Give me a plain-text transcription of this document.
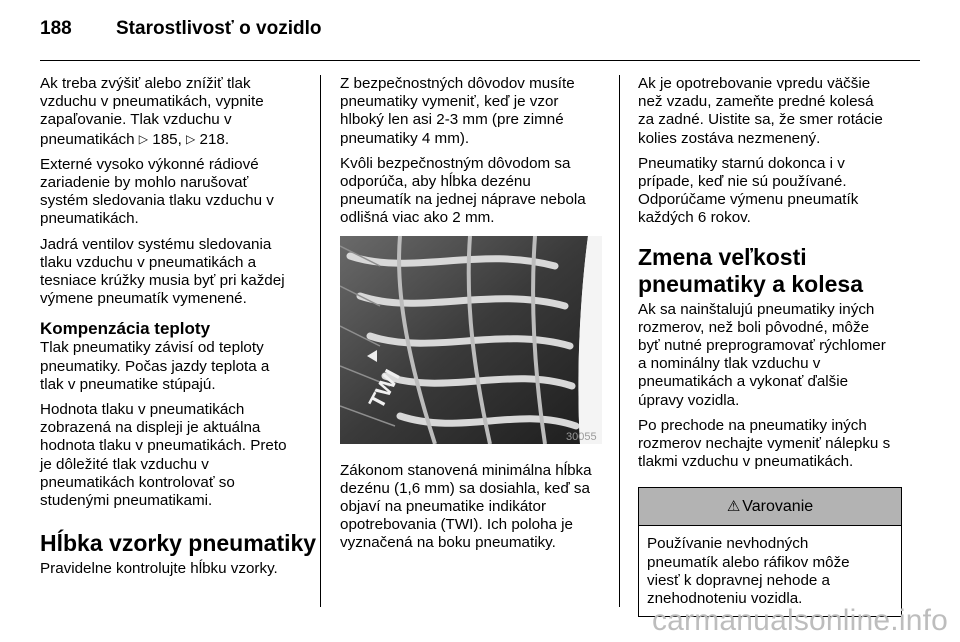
188	Starostlivosť o vozidlo

Ak treba zvýšiť alebo znížiť tlak
vzduchu v pneumatikách, vypnite
zapaľovanie. Tlak vzduchu v
pneumatikách ▷ 185, ▷ 218.

Externé vysoko výkonné rádiové
zariadenie by mohlo narušovať
systém sledovania tlaku vzduchu v
pneumatikách.

Jadrá ventilov systému sledovania
tlaku vzduchu v pneumatikách a
tesniace krúžky musia byť pri každej
výmene pneumatík vymenené.

Kompenzácia teploty

Tlak pneumatiky závisí od teploty
pneumatiky. Počas jazdy teplota a
tlak v pneumatike stúpajú.

Hodnota tlaku v pneumatikách
zobrazená na displeji je aktuálna
hodnota tlaku v pneumatikách. Preto
je dôležité tlak vzduchu v
pneumatikách kontrolovať so
studenými pneumatikami.

Hĺbka vzorky pneumatiky

Pravidelne kontrolujte hĺbku vzorky.

Z bezpečnostných dôvodov musíte
pneumatiky vymeniť, keď je vzor
hlboký len asi 2-3 mm (pre zimné
pneumatiky 4 mm).

Kvôli bezpečnostným dôvodom sa
odporúča, aby hĺbka dezénu
pneumatík na jednej náprave nebola
odlišná viac ako 2 mm.

TWI
30055

Zákonom stanovená minimálna hĺbka
dezénu (1,6 mm) sa dosiahla, keď sa
objaví na pneumatike indikátor
opotrebovania (TWI). Ich poloha je
vyznačená na boku pneumatiky.

Ak je opotrebovanie vpredu väčšie
než vzadu, zameňte predné kolesá
za zadné. Uistite sa, že smer rotácie
kolies zostáva nezmenený.

Pneumatiky starnú dokonca i v
prípade, keď nie sú používané.
Odporúčame výmenu pneumatík
každých 6 rokov.

Zmena veľkosti
pneumatiky a kolesa

Ak sa nainštalujú pneumatiky iných
rozmerov, než boli pôvodné, môže
byť nutné preprogramovať rýchlomer
a nominálny tlak vzduchu v
pneumatikách a vykonať ďalšie
úpravy vozidla.

Po prechode na pneumatiky iných
rozmerov nechajte vymeniť nálepku s
tlakmi vzduchu v pneumatikách.

⚠ Varovanie
Používanie nevhodných
pneumatík alebo ráfikov môže
viesť k dopravnej nehode a
znehodnoteniu vozidla.
carmanualsonline.info
